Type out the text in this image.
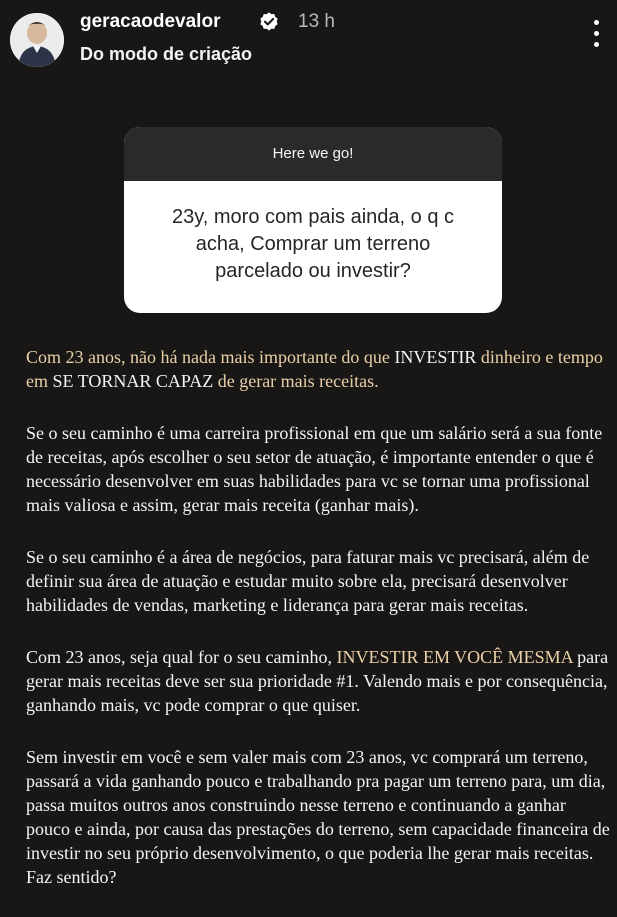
geracaodevalor	13 h
Do modo de criação
Here we go!
23y, moro com pais ainda, o q c
acha, Comprar um terreno
parcelado ou investir?

Com 23 anos, não há nada mais importante do que INVESTIR dinheiro e tempo em SE TORNAR CAPAZ de gerar mais receitas.

Se o seu caminho é uma carreira profissional em que um salário será a sua fonte de receitas, após escolher o seu setor de atuação, é importante entender o que é necessário desenvolver em suas habilidades para vc se tornar uma profissional mais valiosa e assim, gerar mais receita (ganhar mais).

Se o seu caminho é a área de negócios, para faturar mais vc precisará, além de definir sua área de atuação e estudar muito sobre ela, precisará desenvolver habilidades de vendas, marketing e liderança para gerar mais receitas.

Com 23 anos, seja qual for o seu caminho, INVESTIR EM VOCÊ MESMA para gerar mais receitas deve ser sua prioridade #1. Valendo mais e por consequência, ganhando mais, vc pode comprar o que quiser.

Sem investir em você e sem valer mais com 23 anos, vc comprará um terreno, passará a vida ganhando pouco e trabalhando pra pagar um terreno para, um dia, passa muitos outros anos construindo nesse terreno e continuando a ganhar pouco e ainda, por causa das prestações do terreno, sem capacidade financeira de investir no seu próprio desenvolvimento, o que poderia lhe gerar mais receitas. Faz sentido?
